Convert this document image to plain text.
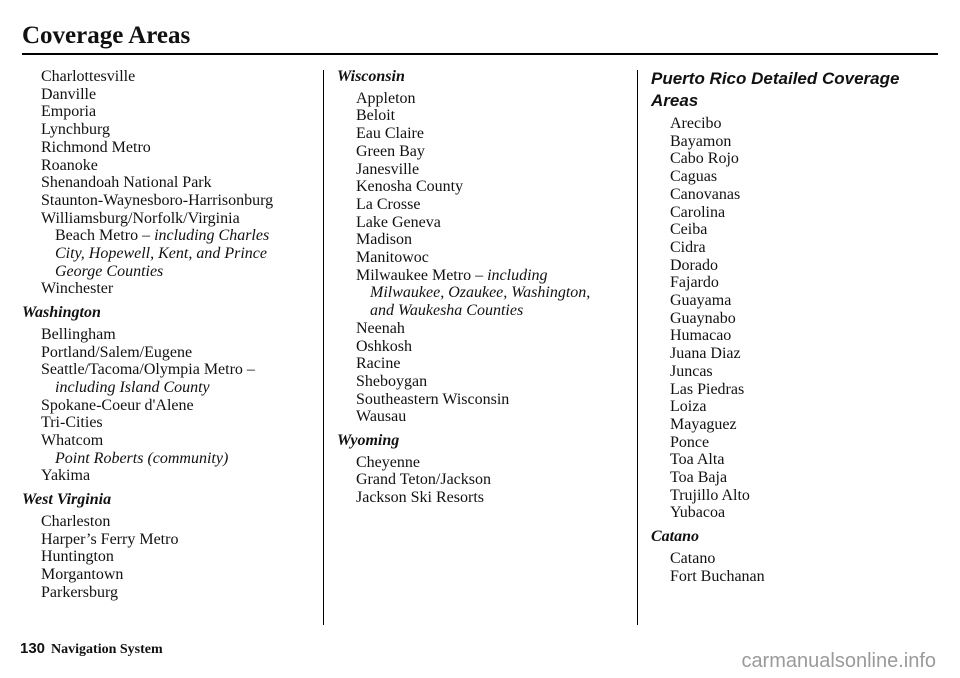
Coverage Areas
Charlottesville
Danville
Emporia
Lynchburg
Richmond Metro
Roanoke
Shenandoah National Park
Staunton-Waynesboro-Harrisonburg
Williamsburg/Norfolk/Virginia
Beach Metro – including Charles
City, Hopewell, Kent, and Prince
George Counties
Winchester
Washington
Bellingham
Portland/Salem/Eugene
Seattle/Tacoma/Olympia Metro –
including Island County
Spokane-Coeur d'Alene
Tri-Cities
Whatcom
Point Roberts (community)
Yakima
West Virginia
Charleston
Harper’s Ferry Metro
Huntington
Morgantown
Parkersburg
Wisconsin
Appleton
Beloit
Eau Claire
Green Bay
Janesville
Kenosha County
La Crosse
Lake Geneva
Madison
Manitowoc
Milwaukee Metro – including
Milwaukee, Ozaukee, Washington,
and Waukesha Counties
Neenah
Oshkosh
Racine
Sheboygan
Southeastern Wisconsin
Wausau
Wyoming
Cheyenne
Grand Teton/Jackson
Jackson Ski Resorts
Puerto Rico Detailed Coverage
Areas
Arecibo
Bayamon
Cabo Rojo
Caguas
Canovanas
Carolina
Ceiba
Cidra
Dorado
Fajardo
Guayama
Guaynabo
Humacao
Juana Diaz
Juncas
Las Piedras
Loiza
Mayaguez
Ponce
Toa Alta
Toa Baja
Trujillo Alto
Yubacoa
Catano
Catano
Fort Buchanan
130 Navigation System
carmanualsonline.info
